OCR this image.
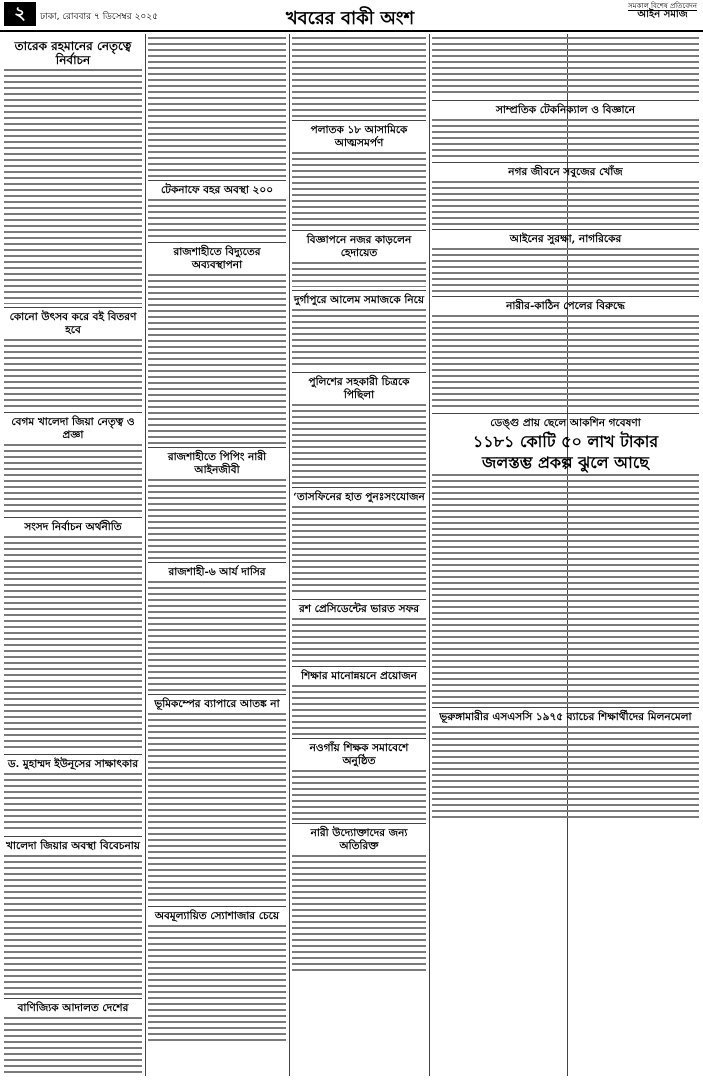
২	ঢাকা, রোববার ৭ ডিসেম্বর ২০২৫	খবরের বাকী অংশ
সমকাল বিশেষ প্রতিবেদন
আইন সমাজ
তারেক রহমানের নেতৃত্বে নির্বাচন
কোনো উৎসব করে বই বিতরণ হবে
বেগম খালেদা জিয়া নেতৃত্ব ও প্রজ্ঞা
সংসদ নির্বাচন অর্থনীতি
ড. মুহাম্মদ ইউনূসের সাক্ষাৎকার
খালেদা জিয়ার অবস্থা বিবেচনায়
বাণিজ্যিক আদালত দেশের
টেকনাফে বহর অবস্থা ২০০
রাজশাহীতে বিদ্যুতের অব্যবস্থাপনা
রাজশাহীতে পিপিং নারী আইনজীবী
রাজশাহী-৬ আর্য দাসির
ভূমিকম্পের ব্যাপারে আতঙ্ক না
অবমূল্যায়িত স্যোশাজার চেয়ে
পলাতক ১৮ আসামিকে আত্মসমর্পণ
বিজ্ঞাপনে নজর কাড়লেন হেদায়েত
দুর্গাপুরে আলেম সমাজকে নিয়ে
পুলিশের সহকারী চিত্রকে পিছিলা
‘তাসফিনের হাত পুনঃসংযোজন
রশ প্রেসিডেন্টের ভারত সফর
শিক্ষার মানোন্নয়নে প্রয়োজন
নওগাঁয় শিক্ষক সমাবেশে অনুষ্ঠিত
নারী উদ্যোক্তাদের জন্য অতিরিক্ত
সাম্প্রতিক টেকনিক্যাল ও বিজ্ঞানে
নগর জীবনে সবুজের খোঁজ
আইনের সুরক্ষা, নাগরিকের
নারীর-কাঠিন পেলের বিরুদ্ধে
ডেঙ্গু প্রায় ছেলে আকশিন গবেষণা
১১৮১ কোটি ৫০ লাখ টাকার
জলস্তম্ভ প্রকল্প ঝুলে আছে
ভূরুঙ্গামারীর এসএসসি ১৯৭৫ ব্যাচের শিক্ষার্থীদের মিলনমেলা
